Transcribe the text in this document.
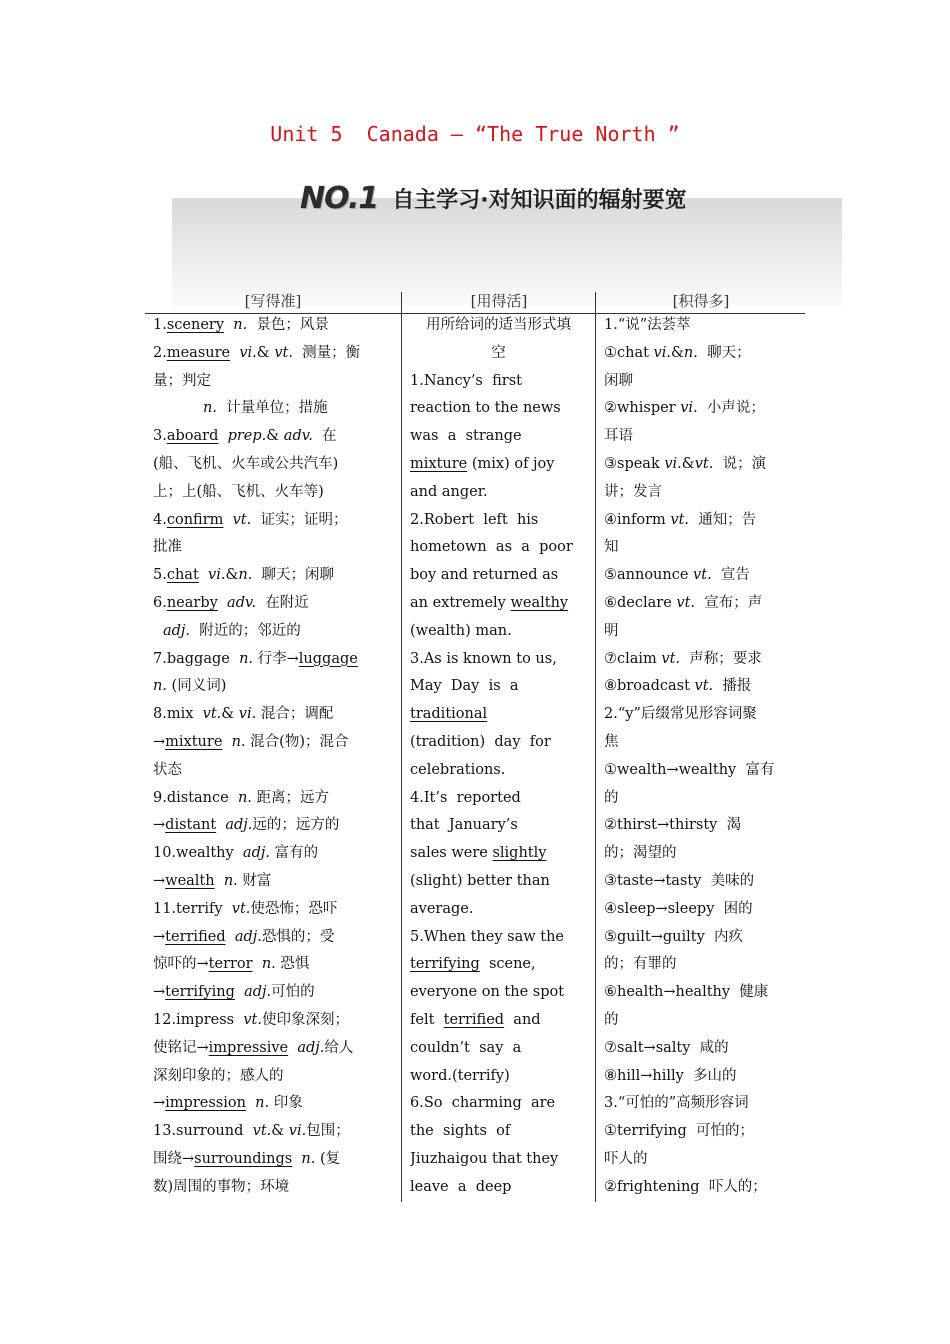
Unit 5  Canada — “The True North ”
NO.1 自主学习·对知识面的辐射要宽
[写得准]	[用得活]	[积得多]
1.scenery n.  景色；风景
2.measure vi.& vt.  测量；衡
量；判定
n.  计量单位；措施
3.aboard prep.& adv.  在
(船、飞机、火车或公共汽车)
上；上(船、飞机、火车等)
4.confirm vt.  证实；证明；
批准
5.chat vi.&n.  聊天；闲聊
6.nearby adv.  在附近
adj.  附近的；邻近的
7.baggage  n. 行李→luggage
n. (同义词)
8.mix  vt.& vi. 混合；调配
→mixture n. 混合(物)；混合
状态
9.distance  n. 距离；远方
→distant adj.远的；远方的
10.wealthy  adj. 富有的
→wealth n. 财富
11.terrify  vt.使恐怖；恐吓
→terrified adj.恐惧的；受
惊吓的→terror n. 恐惧
→terrifying adj.可怕的
12.impress  vt.使印象深刻；
使铭记→impressive adj.给人
深刻印象的；感人的
→impression n. 印象
13.surround  vt.& vi.包围；
围绕→surroundings n. (复
数)周围的事物；环境
用所给词的适当形式填
空
1.Nancy’s  first
reaction to the news
was  a  strange
mixture (mix) of joy
and anger.
2.Robert  left  his
hometown  as  a  poor
boy and returned as
an extremely wealthy
(wealth) man.
3.As is known to us,
May  Day  is  a
traditional
(tradition)  day  for
celebrations.
4.It’s  reported
that  January’s
sales were slightly
(slight) better than
average.
5.When they saw the
terrifying  scene,
everyone on the spot
felt  terrified  and
couldn’t  say  a
word.(terrify)
6.So  charming  are
the  sights  of
Jiuzhaigou that they
leave  a  deep
1.“说”法荟萃
①chat vi.&n.  聊天；
闲聊
②whisper vi.  小声说；
耳语
③speak vi.&vt.  说；演
讲；发言
④inform vt.  通知；告
知
⑤announce vt.  宣告
⑥declare vt.  宣布；声
明
⑦claim vt.  声称；要求
⑧broadcast vt.  播报
2.“y”后缀常见形容词聚
焦
①wealth→wealthy  富有
的
②thirst→thirsty  渴
的；渴望的
③taste→tasty  美味的
④sleep→sleepy  困的
⑤guilt→guilty  内疚
的；有罪的
⑥health→healthy  健康
的
⑦salt→salty  咸的
⑧hill→hilly  多山的
3.“可怕的”高频形容词
①terrifying  可怕的；
吓人的
②frightening  吓人的；
